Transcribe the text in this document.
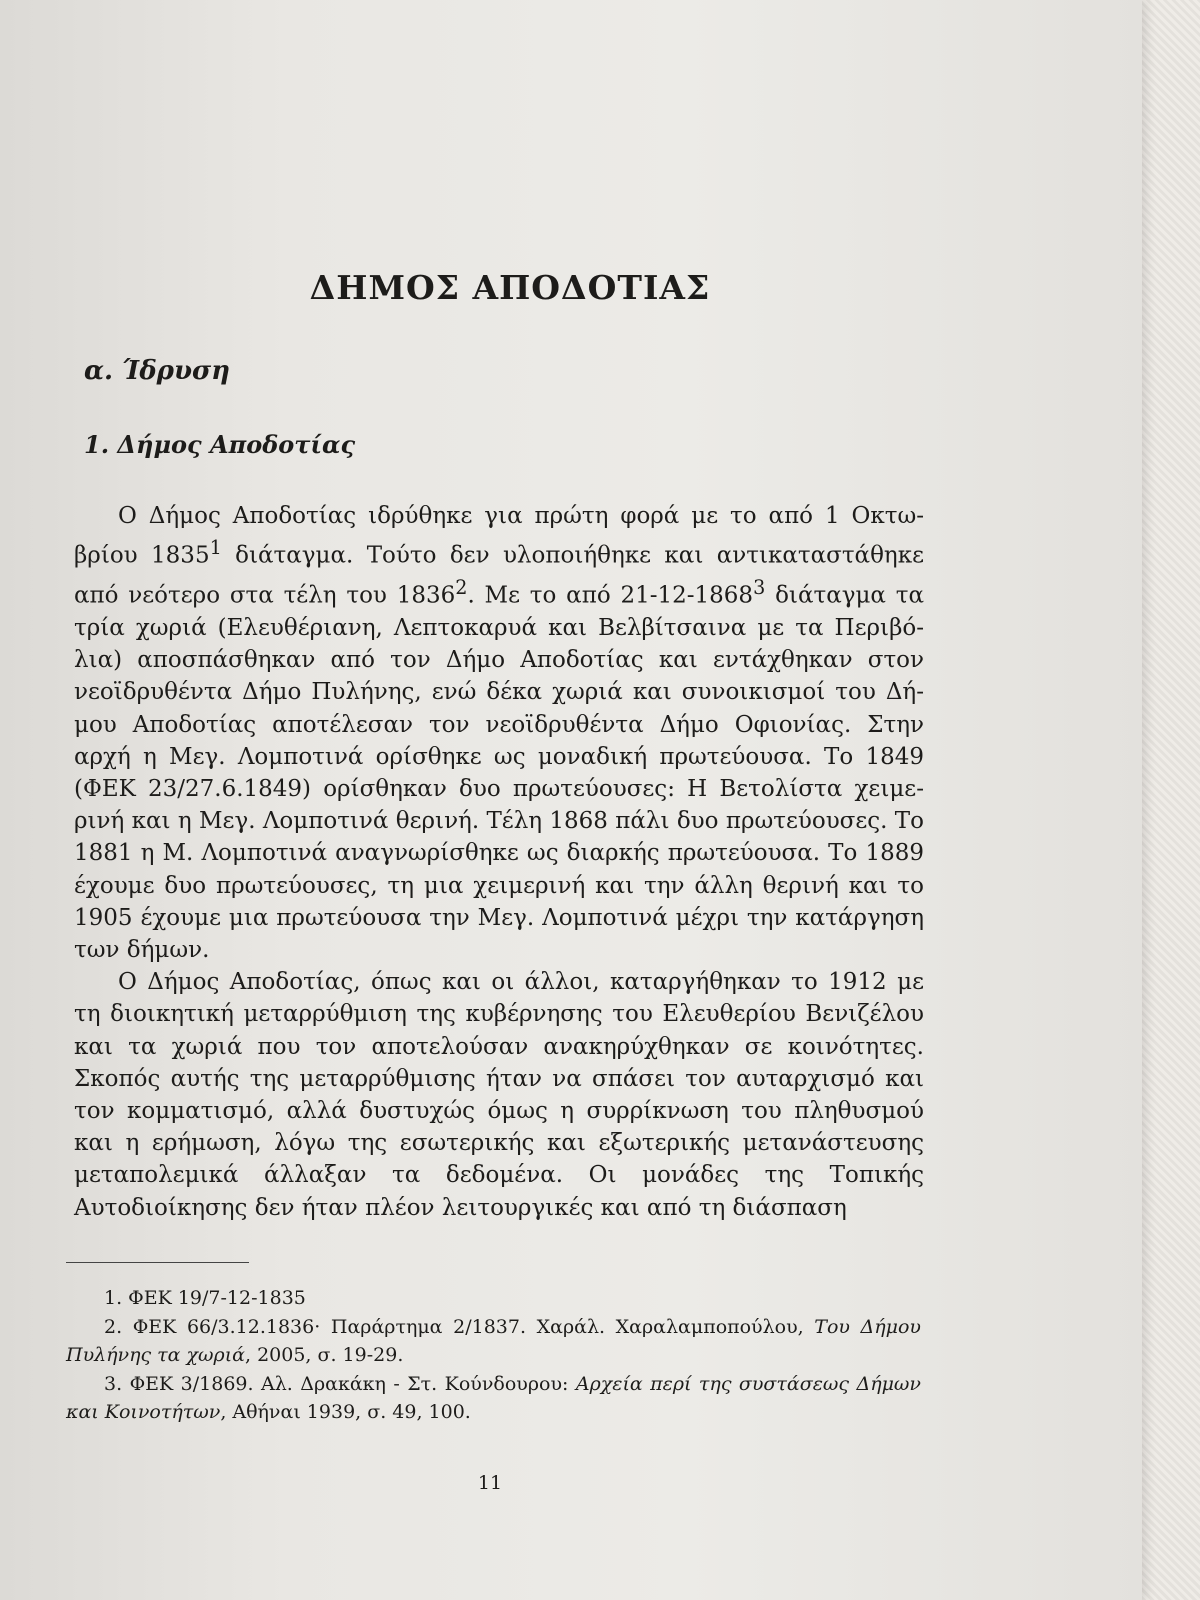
ΔΗΜΟΣ ΑΠΟΔΟΤΙΑΣ
α. Ίδρυση
1. Δήμος Αποδοτίας

Ο Δήμος Αποδοτίας ιδρύθηκε για πρώτη φορά με το από 1 Οκτωβρίου 1835$^1$ διάταγμα. Τούτο δεν υλοποιήθηκε και αντικαταστάθηκε από νεότερο στα τέλη του 1836$^2$. Με το από 21-12-1868$^3$ διάταγμα τα τρία χωριά (Ελευθέριανη, Λεπτοκαρυά και Βελβίτσαινα με τα Περιβόλια) αποσπάσθηκαν από τον Δήμο Αποδοτίας και εντάχθηκαν στον νεοϊδρυθέντα Δήμο Πυλήνης, ενώ δέκα χωριά και συνοικισμοί του Δήμου Αποδοτίας αποτέλεσαν τον νεοϊδρυθέντα Δήμο Οφιονίας. Στην αρχή η Μεγ. Λομποτινά ορίσθηκε ως μοναδική πρωτεύουσα. Το 1849 (ΦΕΚ 23/27.6.1849) ορίσθηκαν δυο πρωτεύουσες: Η Βετολίστα χειμερινή και η Μεγ. Λομποτινά θερινή. Τέλη 1868 πάλι δυο πρωτεύουσες. Το 1881 η Μ. Λομποτινά αναγνωρίσθηκε ως διαρκής πρωτεύουσα. Το 1889 έχουμε δυο πρωτεύουσες, τη μια χειμερινή και την άλλη θερινή και το 1905 έχουμε μια πρωτεύουσα την Μεγ. Λομποτινά μέχρι την κατάργηση των δήμων.

Ο Δήμος Αποδοτίας, όπως και οι άλλοι, καταργήθηκαν το 1912 με τη διοικητική μεταρρύθμιση της κυβέρνησης του Ελευθερίου Βενιζέλου και τα χωριά που τον αποτελούσαν ανακηρύχθηκαν σε κοινότητες. Σκοπός αυτής της μεταρρύθμισης ήταν να σπάσει τον αυταρχισμό και τον κομματισμό, αλλά δυστυχώς όμως η συρρίκνωση του πληθυσμού και η ερήμωση, λόγω της εσωτερικής και εξωτερικής μετανάστευσης μεταπολεμικά άλλαξαν τα δεδομένα. Οι μονάδες της Τοπικής Αυτοδιοίκησης δεν ήταν πλέον λειτουργικές και από τη διάσπαση

1. ΦΕΚ 19/7-12-1835

2. ΦΕΚ 66/3.12.1836· Παράρτημα 2/1837. Χαράλ. Χαραλαμποπούλου, Του Δήμου Πυλήνης τα χωριά, 2005, σ. 19-29.

3. ΦΕΚ 3/1869. Αλ. Δρακάκη - Στ. Κούνδουρου: Αρχεία περί της συστάσεως Δήμων και Κοινοτήτων, Αθήναι 1939, σ. 49, 100.

11
